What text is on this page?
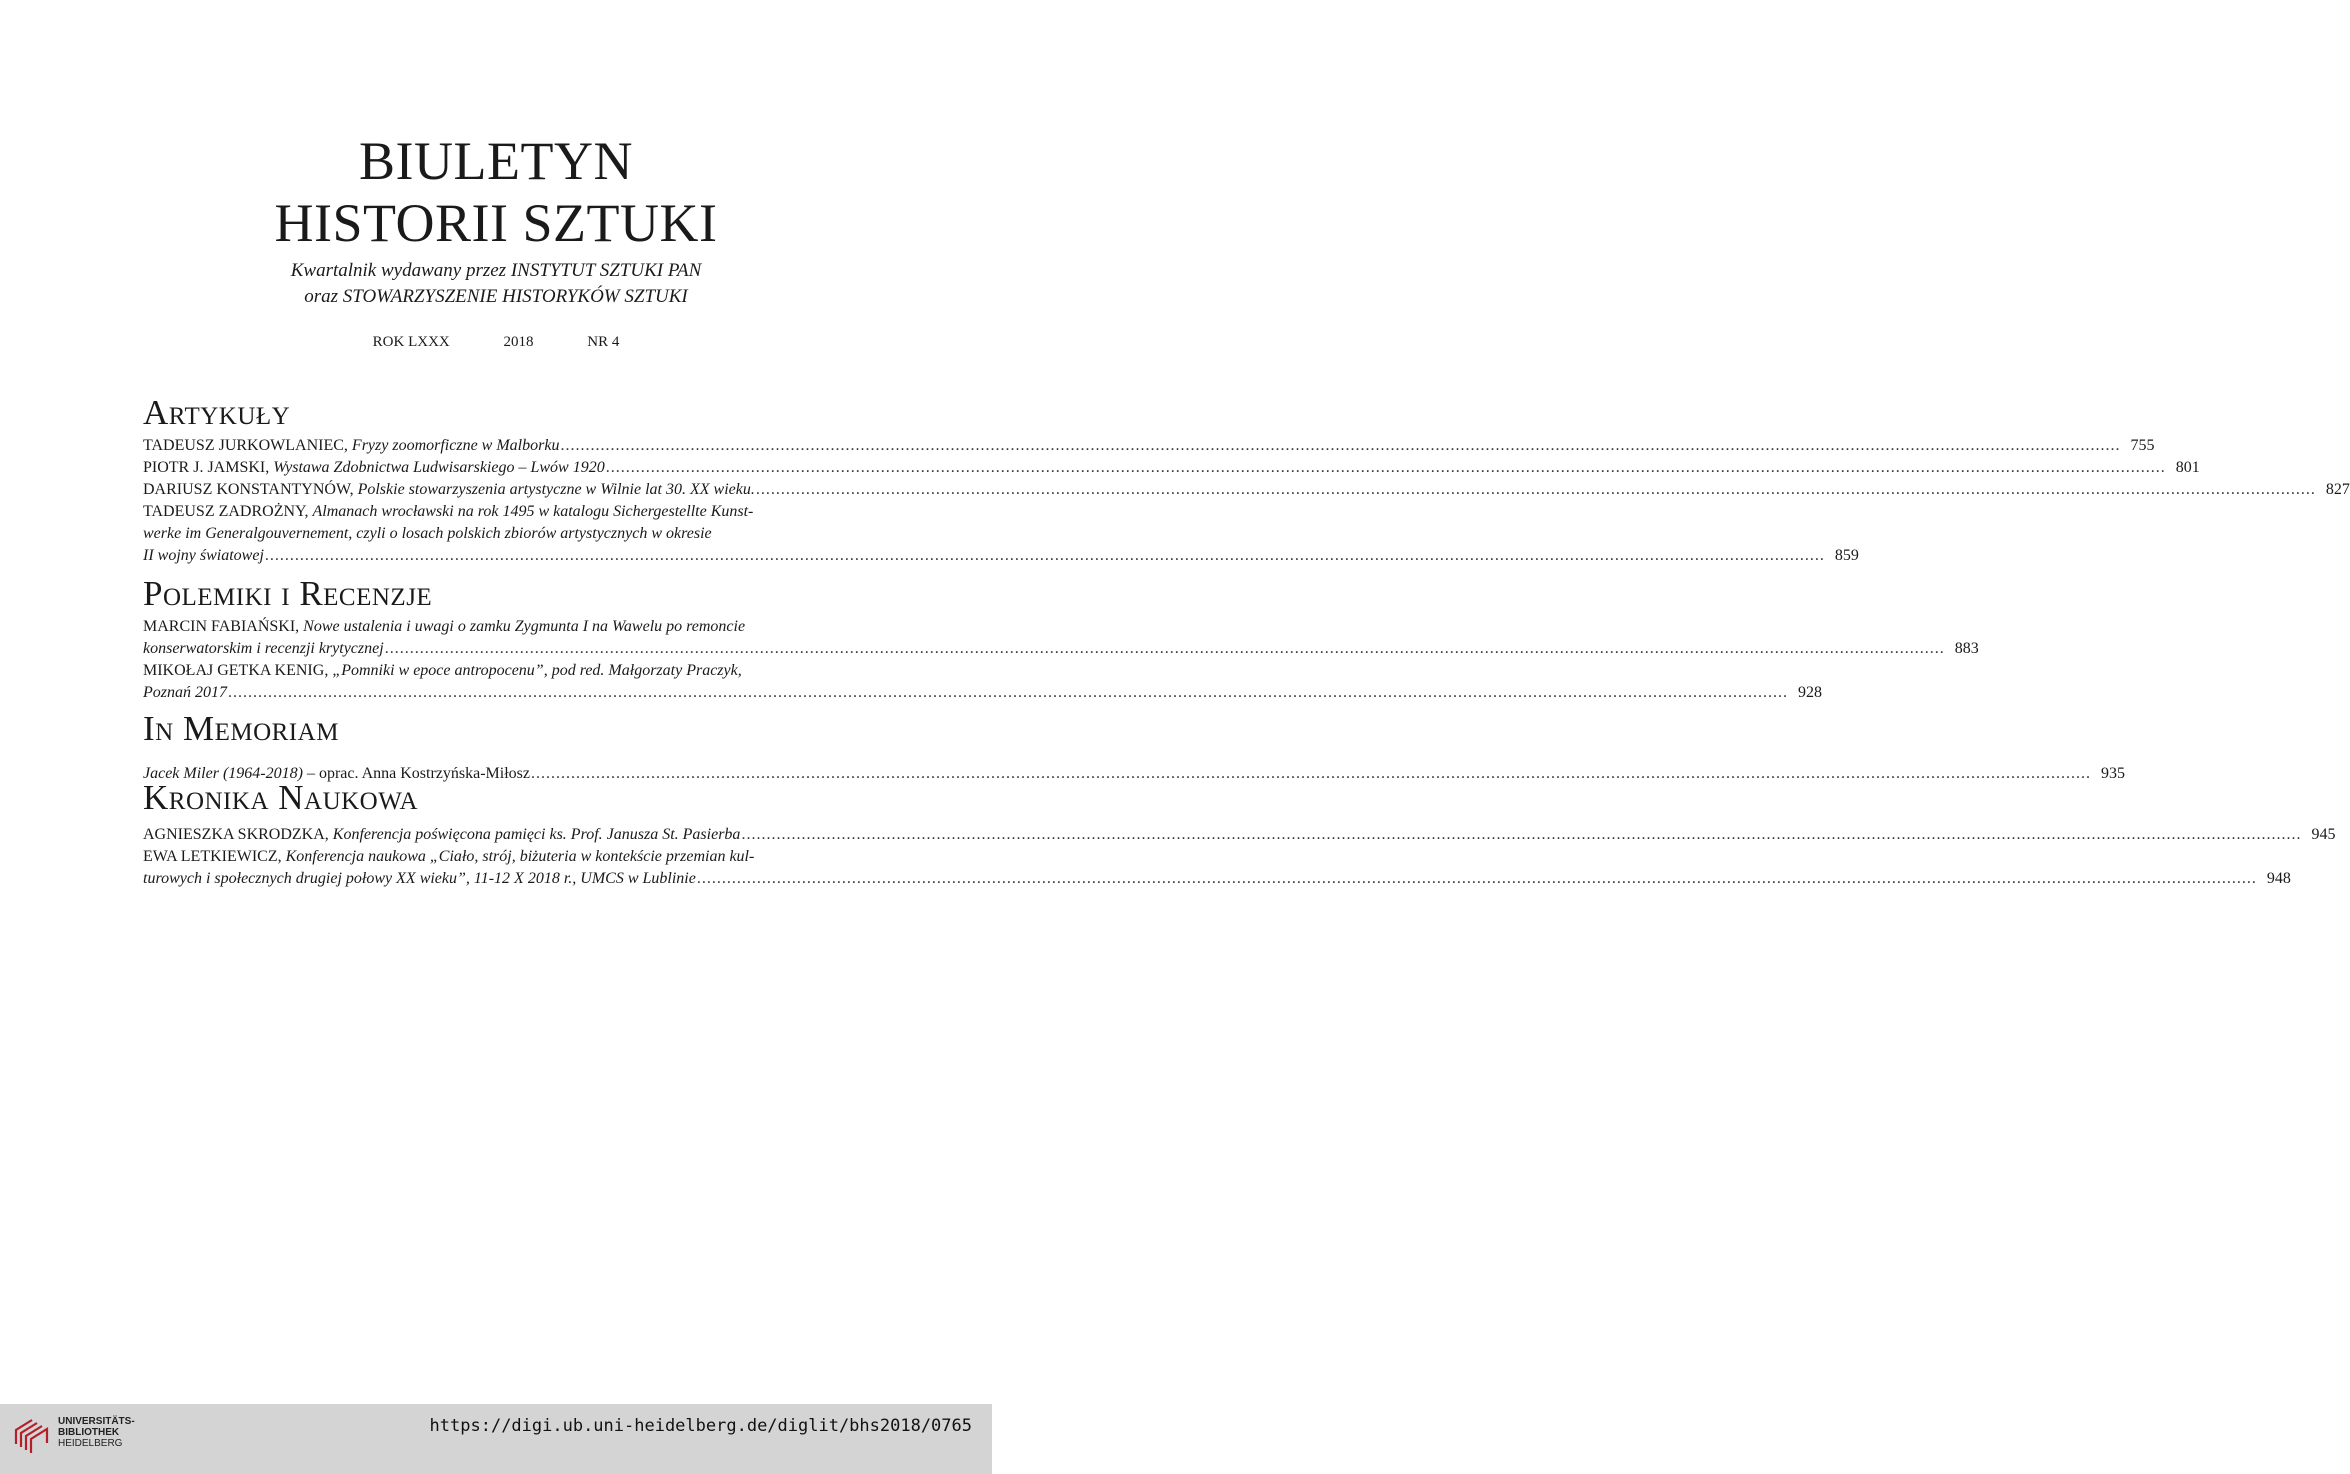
BIULETYN
HISTORII SZTUKI
Kwartalnik wydawany przez INSTYTUT SZTUKI PAN
oraz STOWARZYSZENIE HISTORYKÓW SZTUKI
ROK LXXX	2018	NR 4
Artykuły
TADEUSZ JURKOWLANIEC, Fryzy zoomorficzne w Malborku .....	755
PIOTR J. JAMSKI, Wystawa Zdobnictwa Ludwisarskiego – Lwów 1920 .....	801
DARIUSZ KONSTANTYNÓW, Polskie stowarzyszenia artystyczne w Wilnie lat 30. XX wieku. .....	827
TADEUSZ ZADROŻNY, Almanach wrocławski na rok 1495 w katalogu Sichergestellte Kunst-
werke im Generalgouvernement, czyli o losach polskich zbiorów artystycznych w okresie
II wojny światowej .....	859
Polemiki i Recenzje
MARCIN FABIAŃSKI, Nowe ustalenia i uwagi o zamku Zygmunta I na Wawelu po remoncie
konserwatorskim i recenzji krytycznej .....	883
MIKOŁAJ GETKA KENIG, „Pomniki w epoce antropocenu”, pod red. Małgorzaty Praczyk,
Poznań 2017 .....	928
In Memoriam
Jacek Miler (1964-2018) – oprac. Anna Kostrzyńska-Miłosz .....	935
Kronika Naukowa
AGNIESZKA SKRODZKA, Konferencja poświęcona pamięci ks. Prof. Janusza St. Pasierba .....	945
EWA LETKIEWICZ, Konferencja naukowa „Ciało, strój, biżuteria w kontekście przemian kul-
turowych i społecznych drugiej połowy XX wieku”, 11-12 X 2018 r., UMCS w Lublinie .....	948
UNIVERSITÄTS-
BIBLIOTHEK
HEIDELBERG
https://digi.ub.uni-heidelberg.de/diglit/bhs2018/0765
